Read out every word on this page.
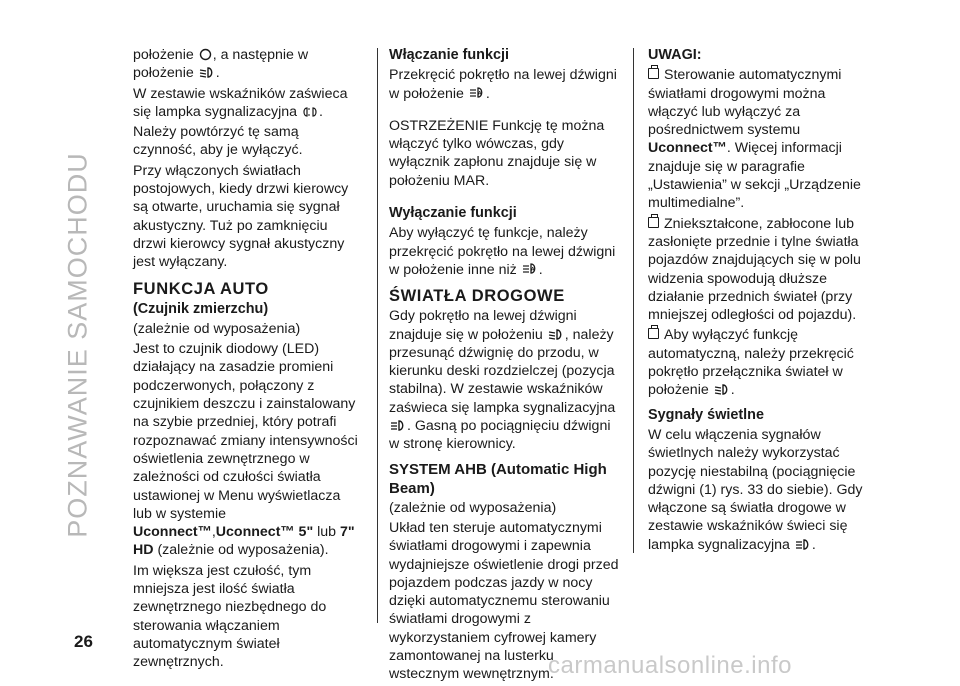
POZNAWANIE SAMOCHODU

położenie , a następnie w położenie .

W zestawie wskaźników zaświeca się lampka sygnalizacyjna .

Należy powtórzyć tę samą czynność, aby je wyłączyć.

Przy włączonych światłach postojowych, kiedy drzwi kierowcy są otwarte, uruchamia się sygnał akustyczny. Tuż po zamknięciu drzwi kierowcy sygnał akustyczny jest wyłączany.

FUNKCJA AUTO
(Czujnik zmierzchu)

(zależnie od wyposażenia)

Jest to czujnik diodowy (LED) działający na zasadzie promieni podczerwonych, połączony z czujnikiem deszczu i zainstalowany na szybie przedniej, który potrafi rozpoznawać zmiany intensywności oświetlenia zewnętrznego w zależności od czułości światła ustawionej w Menu wyświetlacza lub w systemie Uconnect™,Uconnect™ 5" lub 7" HD (zależnie od wyposażenia).

Im większa jest czułość, tym mniejsza jest ilość światła zewnętrznego niezbędnego do sterowania włączaniem automatycznym świateł zewnętrznych.

Włączanie funkcji

Przekręcić pokrętło na lewej dźwigni w położenie A .

OSTRZEŻENIE Funkcję tę można włączyć tylko wówczas, gdy wyłącznik zapłonu znajduje się w położeniu MAR.

Wyłączanie funkcji

Aby wyłączyć tę funkcje, należy przekręcić pokrętło na lewej dźwigni w położenie inne niż A .

ŚWIATŁA DROGOWE

Gdy pokrętło na lewej dźwigni znajduje się w położeniu , należy przesunąć dźwignię do przodu, w kierunku deski rozdzielczej (pozycja stabilna). W zestawie wskaźników zaświeca się lampka sygnalizacyjna . Gasną po pociągnięciu dźwigni w stronę kierownicy.

SYSTEM AHB (Automatic High Beam)

(zależnie od wyposażenia)

Układ ten steruje automatycznymi światłami drogowymi i zapewnia wydajniejsze oświetlenie drogi przed pojazdem podczas jazdy w nocy dzięki automatycznemu sterowaniu światłami drogowymi z wykorzystaniem cyfrowej kamery zamontowanej na lusterku wstecznym wewnętrznym.

UWAGI:

Sterowanie automatycznymi światłami drogowymi można włączyć lub wyłączyć za pośrednictwem systemu Uconnect™. Więcej informacji znajduje się w paragrafie „Ustawienia” w sekcji „Urządzenie multimedialne”.

Zniekształcone, zabłocone lub zasłonięte przednie i tylne światła pojazdów znajdujących się w polu widzenia spowodują dłuższe działanie przednich świateł (przy mniejszej odległości od pojazdu).

Aby wyłączyć funkcję automatyczną, należy przekręcić pokrętło przełącznika świateł w położenie .

Sygnały świetlne

W celu włączenia sygnałów świetlnych należy wykorzystać pozycję niestabilną (pociągnięcie dźwigni (1) rys. 33 do siebie). Gdy włączone są światła drogowe w zestawie wskaźników świeci się lampka sygnalizacyjna .

26
carmanualsonline.info
